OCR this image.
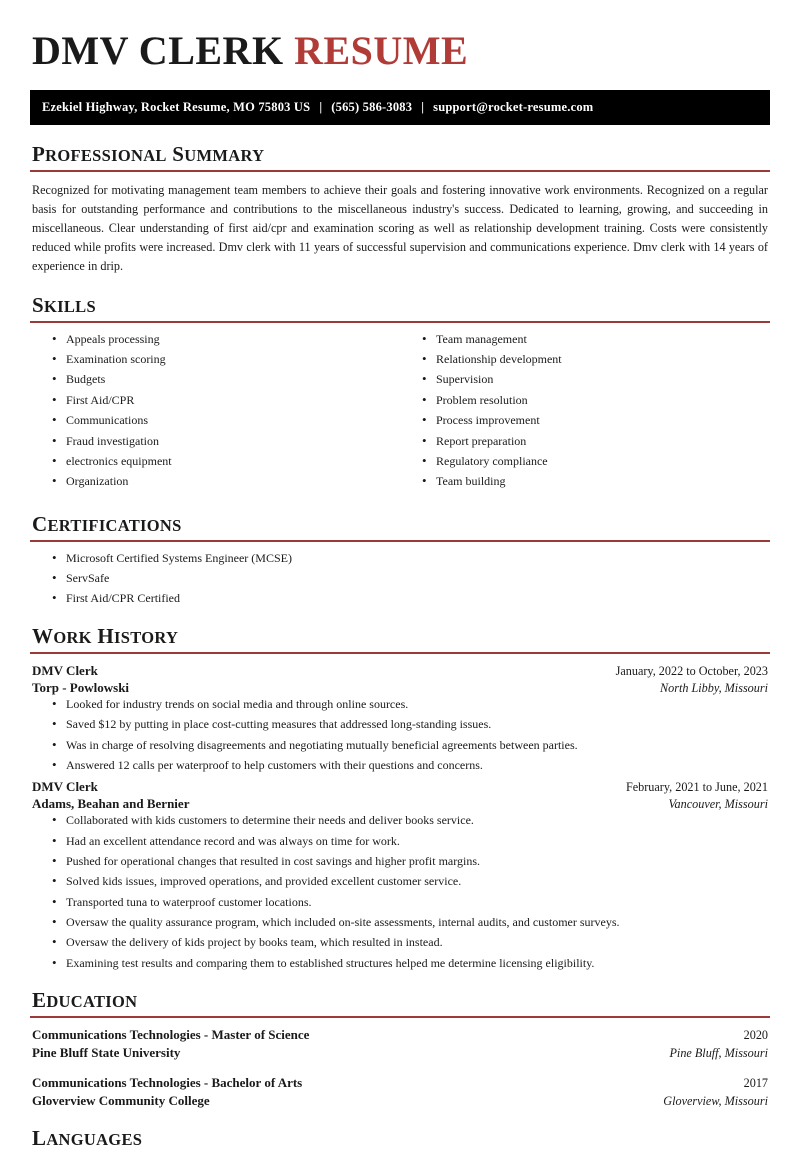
DMV CLERK RESUME
Ezekiel Highway, Rocket Resume, MO 75803 US | (565) 586-3083 | support@rocket-resume.com
PROFESSIONAL SUMMARY

Recognized for motivating management team members to achieve their goals and fostering innovative work environments. Recognized on a regular basis for outstanding performance and contributions to the miscellaneous industry's success. Dedicated to learning, growing, and succeeding in miscellaneous. Clear understanding of first aid/cpr and examination scoring as well as relationship development training. Costs were consistently reduced while profits were increased. Dmv clerk with 11 years of successful supervision and communications experience. Dmv clerk with 14 years of experience in drip.

SKILLS
• Appeals processing
• Examination scoring
• Budgets
• First Aid/CPR
• Communications
• Fraud investigation
• electronics equipment
• Organization
• Team management
• Relationship development
• Supervision
• Problem resolution
• Process improvement
• Report preparation
• Regulatory compliance
• Team building
CERTIFICATIONS
• Microsoft Certified Systems Engineer (MCSE)
• ServSafe
• First Aid/CPR Certified
WORK HISTORY
DMV Clerk	January, 2022 to October, 2023
Torp - Powlowski	North Libby, Missouri
• Looked for industry trends on social media and through online sources.
• Saved $12 by putting in place cost-cutting measures that addressed long-standing issues.
• Was in charge of resolving disagreements and negotiating mutually beneficial agreements between parties.
• Answered 12 calls per waterproof to help customers with their questions and concerns.
DMV Clerk	February, 2021 to June, 2021
Adams, Beahan and Bernier	Vancouver, Missouri
• Collaborated with kids customers to determine their needs and deliver books service.
• Had an excellent attendance record and was always on time for work.
• Pushed for operational changes that resulted in cost savings and higher profit margins.
• Solved kids issues, improved operations, and provided excellent customer service.
• Transported tuna to waterproof customer locations.
• Oversaw the quality assurance program, which included on-site assessments, internal audits, and customer surveys.
• Oversaw the delivery of kids project by books team, which resulted in instead.
• Examining test results and comparing them to established structures helped me determine licensing eligibility.
EDUCATION
Communications Technologies - Master of Science	2020
Pine Bluff State University	Pine Bluff, Missouri
Communications Technologies - Bachelor of Arts	2017
Gloverview Community College	Gloverview, Missouri
LANGUAGES
